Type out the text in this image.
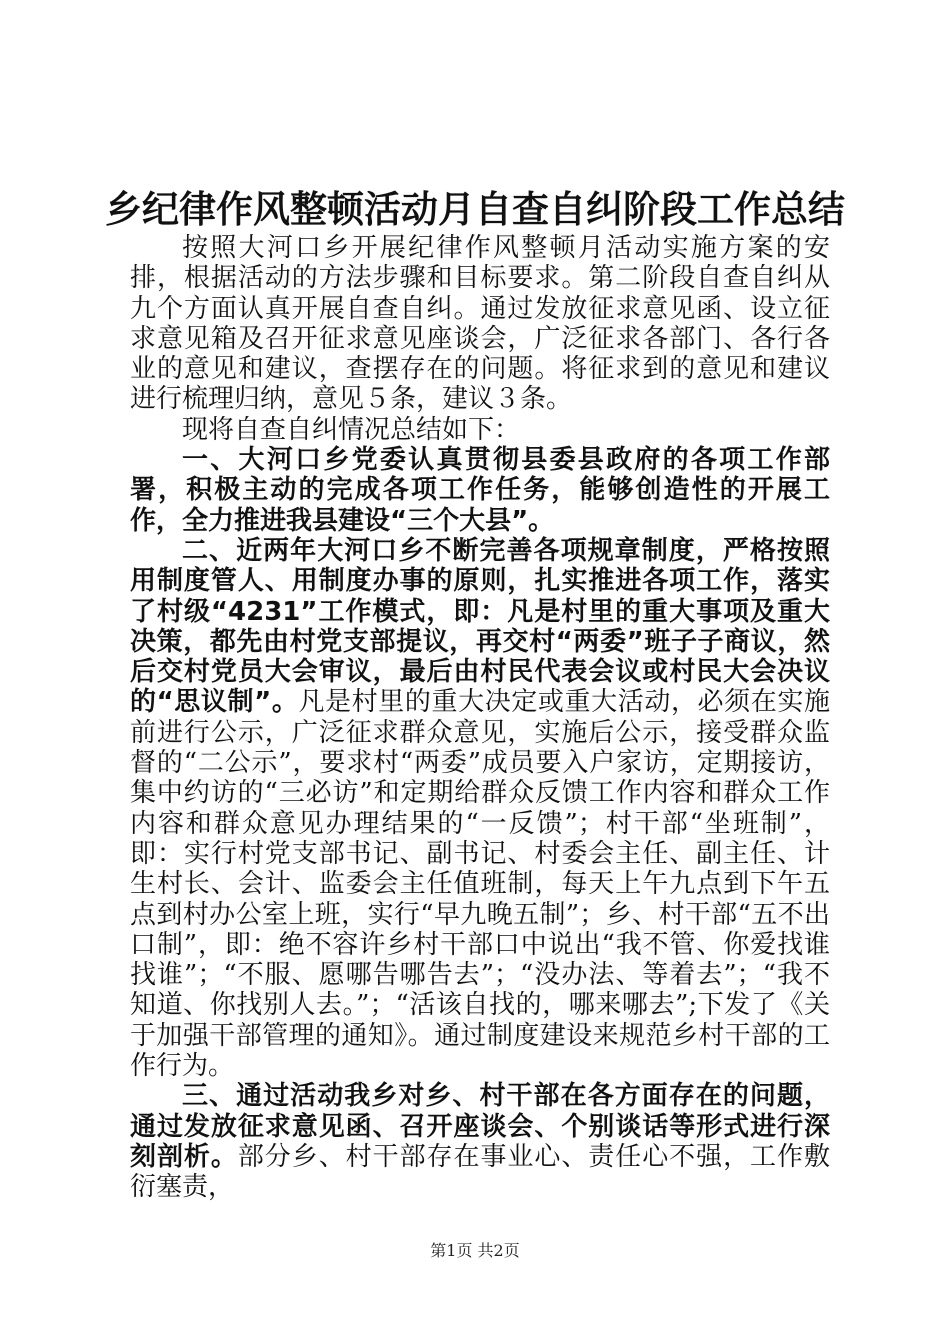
乡纪律作风整顿活动月自查自纠阶段工作总结

按照大河口乡开展纪律作风整顿月活动实施方案的安排，根据活动的方法步骤和目标要求。第二阶段自查自纠从九个方面认真开展自查自纠。通过发放征求意见函、设立征求意见箱及召开征求意见座谈会，广泛征求各部门、各行各业的意见和建议，查摆存在的问题。将征求到的意见和建议进行梳理归纳，意见５条，建议３条。

现将自查自纠情况总结如下：

一、大河口乡党委认真贯彻县委县政府的各项工作部署，积极主动的完成各项工作任务，能够创造性的开展工作，全力推进我县建设“三个大县”。

二、近两年大河口乡不断完善各项规章制度，严格按照用制度管人、用制度办事的原则，扎实推进各项工作，落实了村级“4231”工作模式，即：凡是村里的重大事项及重大决策，都先由村党支部提议，再交村“两委”班子子商议，然后交村党员大会审议，最后由村民代表会议或村民大会决议的“思议制”。凡是村里的重大决定或重大活动，必须在实施前进行公示，广泛征求群众意见，实施后公示，接受群众监督的“二公示”，要求村“两委”成员要入户家访，定期接访，集中约访的“三必访”和定期给群众反馈工作内容和群众工作内容和群众意见办理结果的“一反馈”；村干部“坐班制”，即：实行村党支部书记、副书记、村委会主任、副主任、计生村长、会计、监委会主任值班制，每天上午九点到下午五点到村办公室上班，实行“早九晚五制”；乡、村干部“五不出口制”，即：绝不容许乡村干部口中说出“我不管、你爱找谁找谁”；“不服、愿哪告哪告去”；“没办法、等着去”；“我不知道、你找别人去。”；“活该自找的，哪来哪去”;下发了《关于加强干部管理的通知》。通过制度建设来规范乡村干部的工作行为。

三、通过活动我乡对乡、村干部在各方面存在的问题，通过发放征求意见函、召开座谈会、个别谈话等形式进行深刻剖析。部分乡、村干部存在事业心、责任心不强，工作敷衍塞责，

第1页 共2页
